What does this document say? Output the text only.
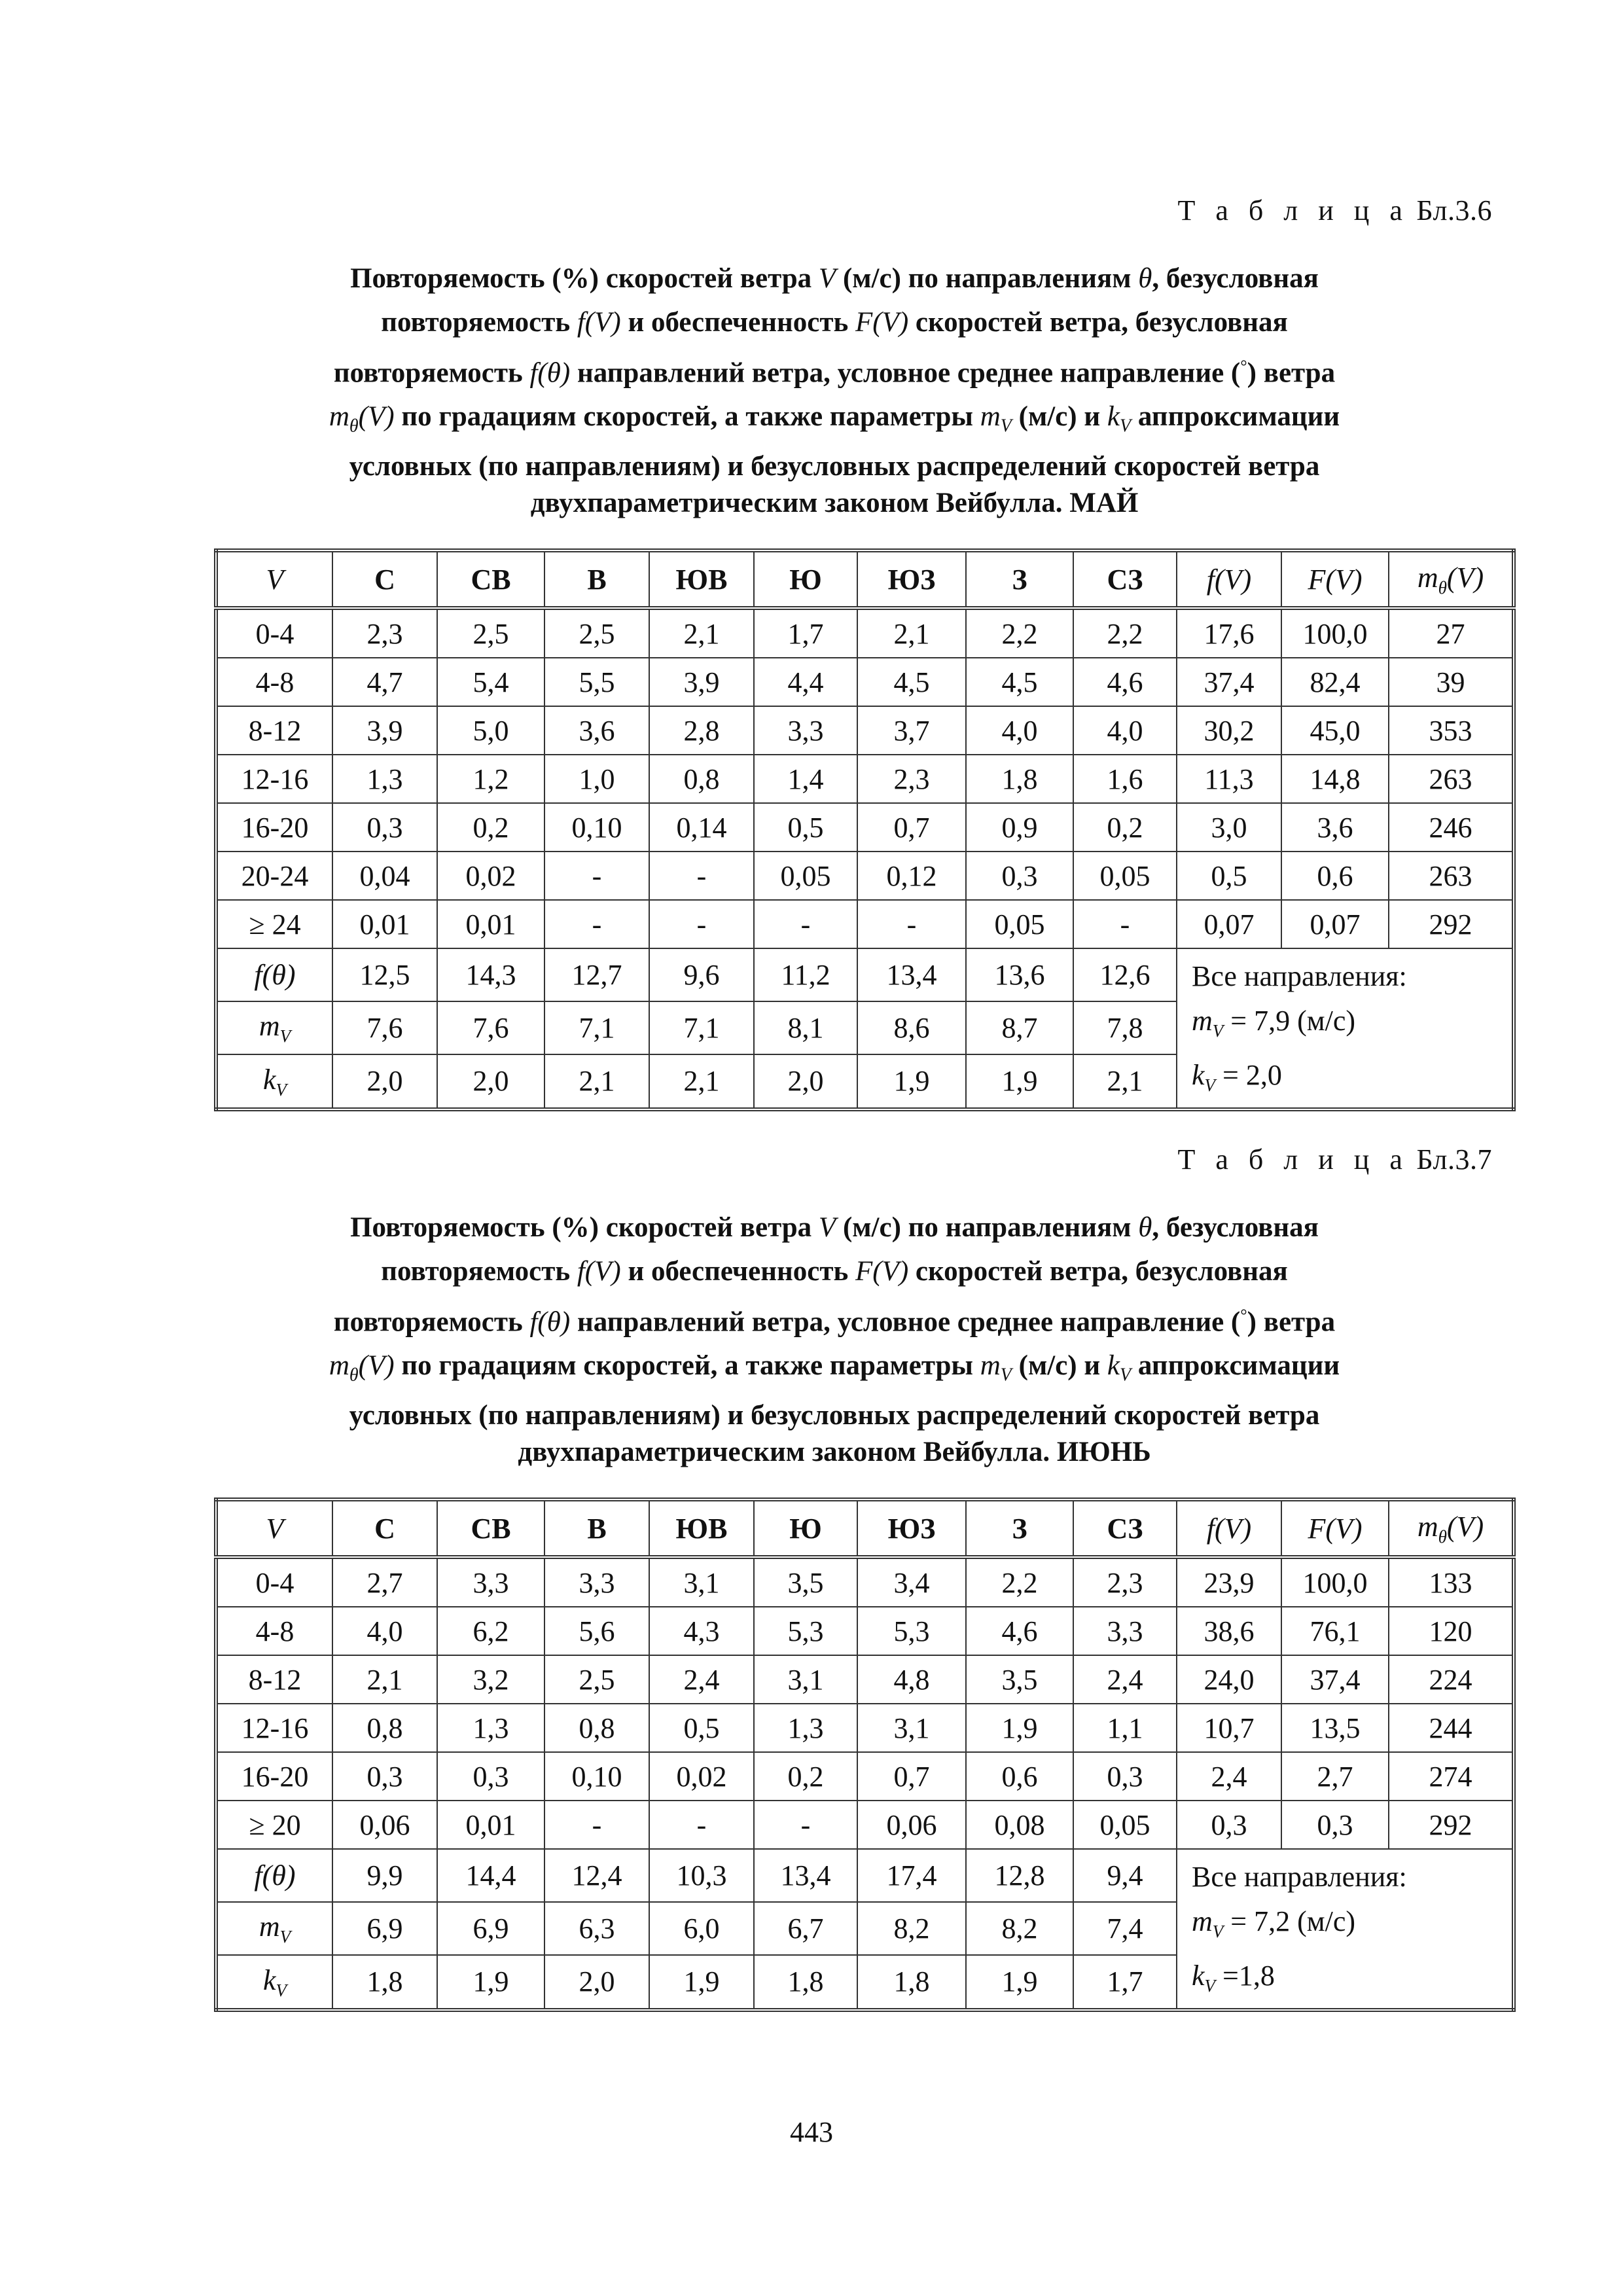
Т а б л и ц а Бл.3.6
Повторяемость (%) скоростей ветра V (м/с) по направлениям θ, безусловная
повторяемость f(V) и обеспеченность F(V) скоростей ветра, безусловная
повторяемость f(θ) направлений ветра, условное среднее направление (°) ветра
$m_\theta(V)$ по градациям скоростей, а также параметры $m_V$ (м/с) и $k_V$ аппроксимации
условных (по направлениям) и безусловных распределений скоростей ветра
двухпараметрическим законом Вейбулла. МАЙ
V	С	СВ	В	ЮВ	Ю	ЮЗ	З	СЗ	f(V)	F(V)	$m_\theta(V)$
0-4	2,3	2,5	2,5	2,1	1,7	2,1	2,2	2,2	17,6	100,0	27
4-8	4,7	5,4	5,5	3,9	4,4	4,5	4,5	4,6	37,4	82,4	39
8-12	3,9	5,0	3,6	2,8	3,3	3,7	4,0	4,0	30,2	45,0	353
12-16	1,3	1,2	1,0	0,8	1,4	2,3	1,8	1,6	11,3	14,8	263
16-20	0,3	0,2	0,10	0,14	0,5	0,7	0,9	0,2	3,0	3,6	246
20-24	0,04	0,02	-	-	0,05	0,12	0,3	0,05	0,5	0,6	263
≥ 24	0,01	0,01	-	-	-	-	0,05	-	0,07	0,07	292
f(θ)	12,5	14,3	12,7	9,6	11,2	13,4	13,6	12,6	Все направления:
$m_V = 7,9$ (м/с)
$k_V = 2,0$		

$m_V$	7,6	7,6	7,1	7,1	8,1	8,6	8,7	7,8			
$k_V$	2,0	2,0	2,1	2,1	2,0	1,9	1,9	2,1			
Т а б л и ц а Бл.3.7
Повторяемость (%) скоростей ветра V (м/с) по направлениям θ, безусловная
повторяемость f(V) и обеспеченность F(V) скоростей ветра, безусловная
повторяемость f(θ) направлений ветра, условное среднее направление (°) ветра
$m_\theta(V)$ по градациям скоростей, а также параметры $m_V$ (м/с) и $k_V$ аппроксимации
условных (по направлениям) и безусловных распределений скоростей ветра
двухпараметрическим законом Вейбулла. ИЮНЬ
V	С	СВ	В	ЮВ	Ю	ЮЗ	З	СЗ	f(V)	F(V)	$m_\theta(V)$
0-4	2,7	3,3	3,3	3,1	3,5	3,4	2,2	2,3	23,9	100,0	133
4-8	4,0	6,2	5,6	4,3	5,3	5,3	4,6	3,3	38,6	76,1	120
8-12	2,1	3,2	2,5	2,4	3,1	4,8	3,5	2,4	24,0	37,4	224
12-16	0,8	1,3	0,8	0,5	1,3	3,1	1,9	1,1	10,7	13,5	244
16-20	0,3	0,3	0,10	0,02	0,2	0,7	0,6	0,3	2,4	2,7	274
≥ 20	0,06	0,01	-	-	-	0,06	0,08	0,05	0,3	0,3	292
f(θ)	9,9	14,4	12,4	10,3	13,4	17,4	12,8	9,4	Все направления:
$m_V = 7,2$ (м/с)
$k_V =1,8$		

$m_V$	6,9	6,9	6,3	6,0	6,7	8,2	8,2	7,4			
$k_V$	1,8	1,9	2,0	1,9	1,8	1,8	1,9	1,7			
443
